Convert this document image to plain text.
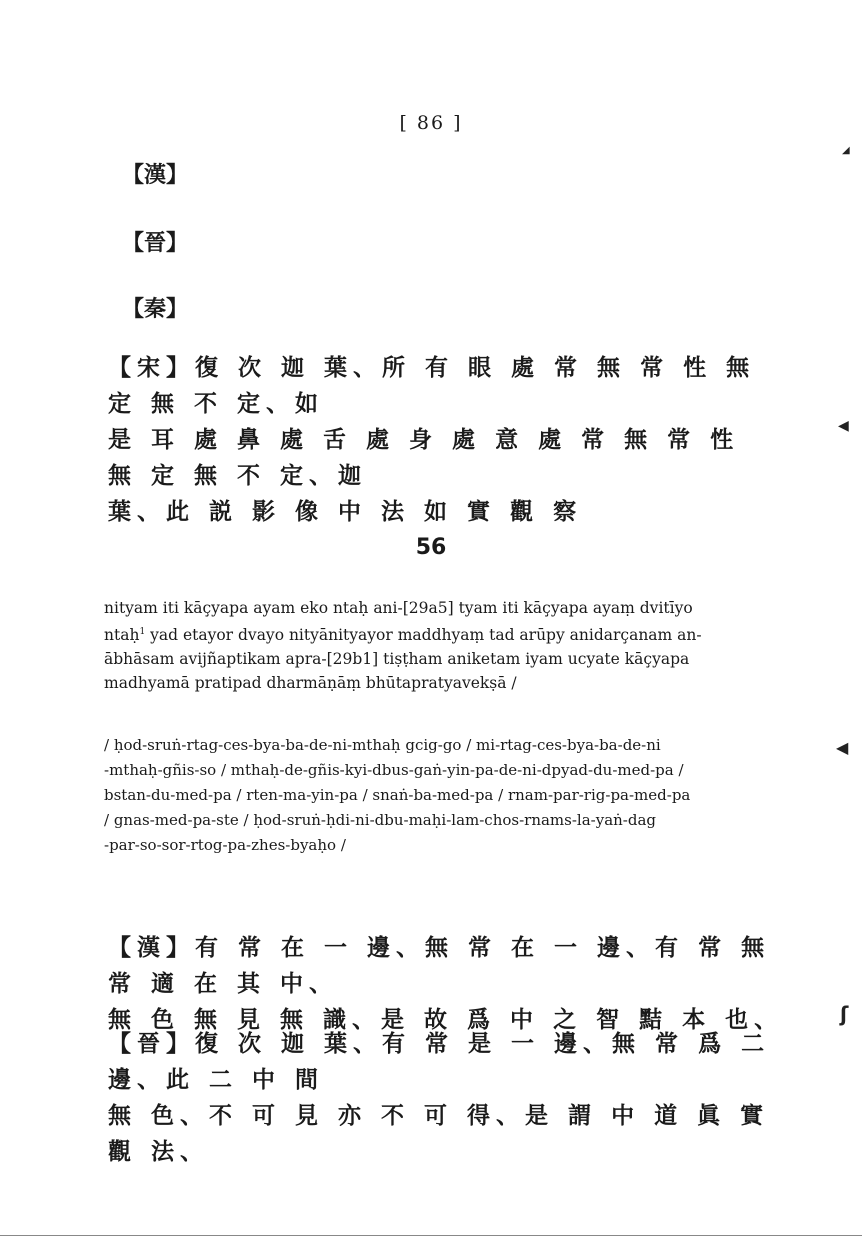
[ 86 ]
【漢】
【晉】
【秦】
【宋】復 次 迦 葉、所 有 眼 處 常 無 常 性 無 定 無 不 定、如
是 耳 處 鼻 處 舌 處 身 處 意 處 常 無 常 性 無 定 無 不 定、迦
葉、此 説 影 像 中 法 如 實 觀 察
56
nityam iti kāçyapa ayam eko ntaḥ ani-[29a5] tyam iti kāçyapa ayaṃ dvitīyo
ntaḥ$^1$ yad etayor dvayo nityānityayor maddhyaṃ tad arūpy anidarçanam an-
ābhāsam avijñaptikam apra-[29b1] tiṣṭham aniketam iyam ucyate kāçyapa
madhyamā pratipad dharmāṇāṃ bhūtapratyavekṣā /
/ ḥod-sruṅ-rtag-ces-bya-ba-de-ni-mthaḥ gcig-go / mi-rtag-ces-bya-ba-de-ni
-mthaḥ-gñis-so / mthaḥ-de-gñis-kyi-dbus-gaṅ-yin-pa-de-ni-dpyad-du-med-pa /
bstan-du-med-pa / rten-ma-yin-pa / snaṅ-ba-med-pa / rnam-par-rig-pa-med-pa
/ gnas-med-pa-ste / ḥod-sruṅ-ḥdi-ni-dbu-maḥi-lam-chos-rnams-la-yaṅ-dag
-par-so-sor-rtog-pa-zhes-byaḥo /
【漢】有 常 在 一 邊、無 常 在 一 邊、有 常 無 常 適 在 其 中、
無 色 無 見 無 識、是 故 爲 中 之 智 黠 本 也、
【晉】復 次 迦 葉、有 常 是 一 邊、無 常 爲 二 邊、此 二 中 間
無 色、不 可 見 亦 不 可 得、是 謂 中 道 眞 實 觀 法、
◢
◀
◀
ʃ
